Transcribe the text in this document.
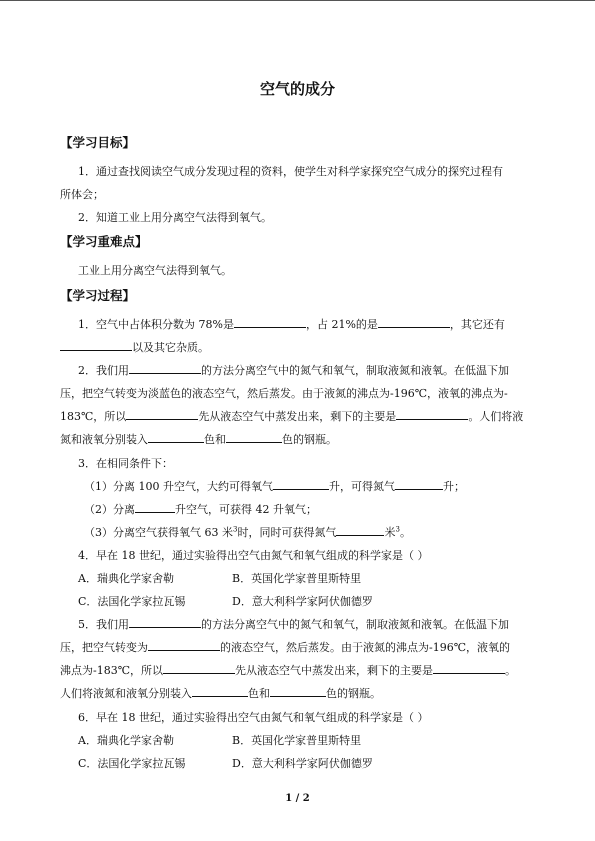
空气的成分
【学习目标】
1．通过查找阅读空气成分发现过程的资料，使学生对科学家探究空气成分的探究过程有
所体会；
2．知道工业上用分离空气法得到氧气。
【学习重难点】
工业上用分离空气法得到氧气。
【学习过程】
1．空气中占体积分数为 78%是	，占 21%的是	，其它还有
以及其它杂质。
2．我们用	的方法分离空气中的氮气和氧气，制取液氮和液氧。在低温下加
压，把空气转变为淡蓝色的液态空气，然后蒸发。由于液氮的沸点为-196℃，液氧的沸点为-
183℃，所以	先从液态空气中蒸发出来，剩下的主要是	。人们将液
氮和液氧分别装入	色和	色的钢瓶。
3．在相同条件下：
（1）分离 100 升空气，大约可得氧气	升，可得氮气	升；
（2）分离	升空气，可获得 42 升氧气；
（3）分离空气获得氧气 63 米$^3$时，同时可获得氮气	米$^3$。
4．早在 18 世纪，通过实验得出空气由氮气和氧气组成的科学家是（ ）
A．瑞典化学家舍勒	B．英国化学家普里斯特里
C．法国化学家拉瓦锡	D．意大利科学家阿伏伽德罗
5．我们用	的方法分离空气中的氮气和氧气，制取液氮和液氧。在低温下加
压，把空气转变为	的液态空气，然后蒸发。由于液氮的沸点为-196℃，液氧的
沸点为-183℃，所以	先从液态空气中蒸发出来，剩下的主要是	。
人们将液氮和液氧分别装入	色和	色的钢瓶。
6．早在 18 世纪，通过实验得出空气由氮气和氧气组成的科学家是（ ）
A．瑞典化学家舍勒	B．英国化学家普里斯特里
C．法国化学家拉瓦锡	D．意大利科学家阿伏伽德罗
1 / 2
